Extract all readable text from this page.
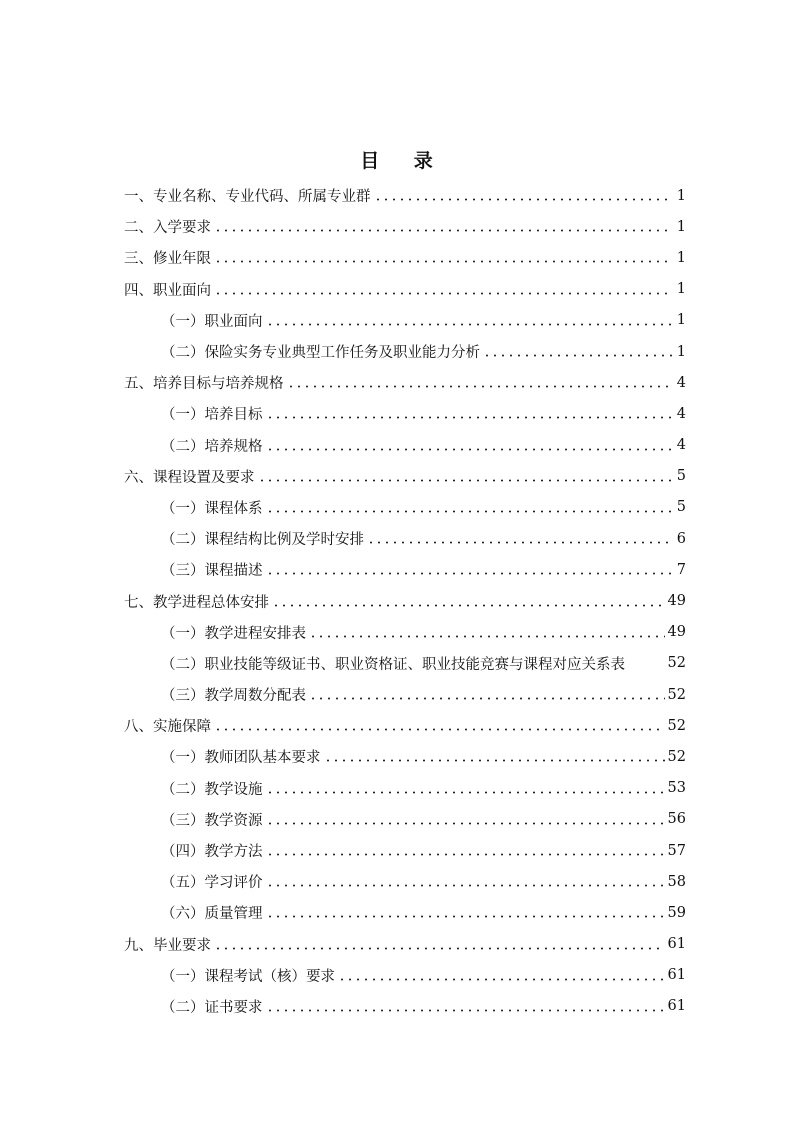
目 录
一、专业名称、专业代码、所属专业群	1
二、入学要求	1
三、修业年限	1
四、职业面向	1
（一）职业面向	1
（二）保险实务专业典型工作任务及职业能力分析	1
五、培养目标与培养规格	4
（一）培养目标	4
（二）培养规格	4
六、课程设置及要求	5
（一）课程体系	5
（二）课程结构比例及学时安排	6
（三）课程描述	7
七、教学进程总体安排	49
（一）教学进程安排表	49
（二）职业技能等级证书、职业资格证、职业技能竞赛与课程对应关系表	52
（三）教学周数分配表	52
八、实施保障	52
（一）教师团队基本要求	52
（二）教学设施	53
（三）教学资源	56
（四）教学方法	57
（五）学习评价	58
（六）质量管理	59
九、毕业要求	61
（一）课程考试（核）要求	61
（二）证书要求	61
